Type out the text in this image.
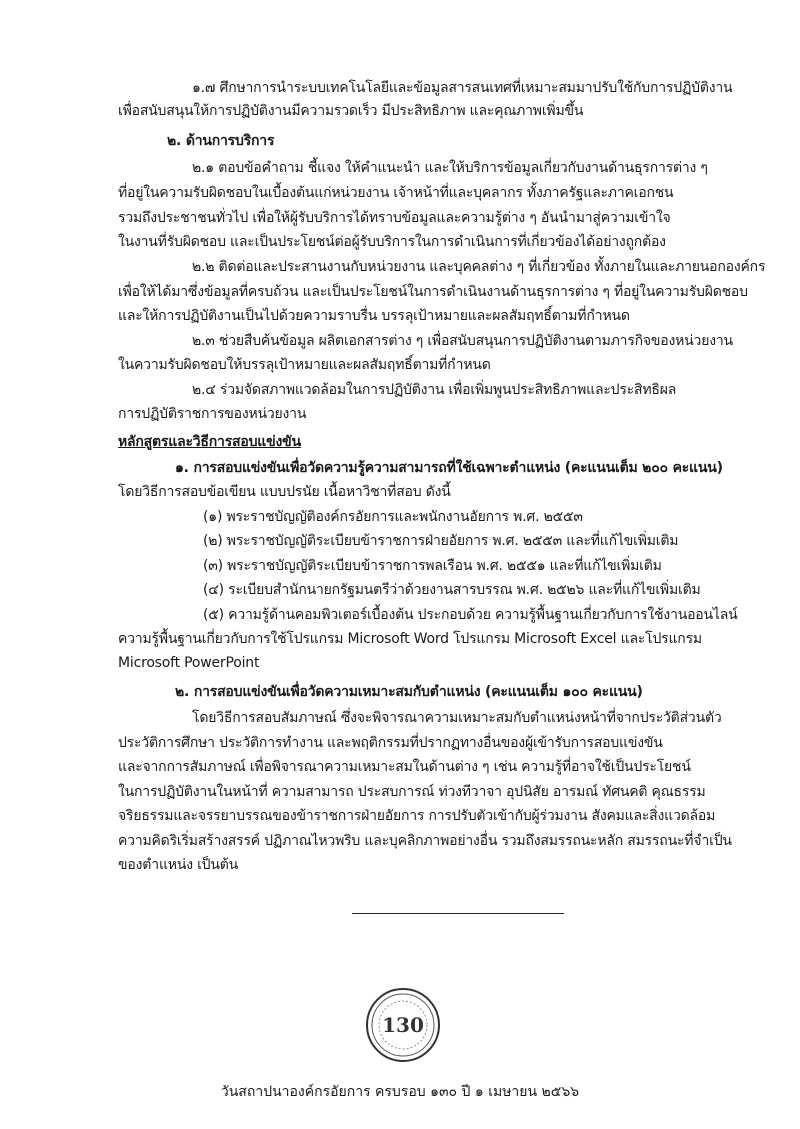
๑.๗ ศึกษาการนำระบบเทคโนโลยีและข้อมูลสารสนเทศที่เหมาะสมมาปรับใช้กับการปฏิบัติงาน
เพื่อสนับสนุนให้การปฏิบัติงานมีความรวดเร็ว มีประสิทธิภาพ และคุณภาพเพิ่มขึ้น
๒. ด้านการบริการ
๒.๑ ตอบข้อคำถาม ชี้แจง ให้คำแนะนำ และให้บริการข้อมูลเกี่ยวกับงานด้านธุรการต่าง ๆ
ที่อยู่ในความรับผิดชอบในเบื้องต้นแก่หน่วยงาน เจ้าหน้าที่และบุคลากร ทั้งภาครัฐและภาคเอกชน
รวมถึงประชาชนทั่วไป เพื่อให้ผู้รับบริการได้ทราบข้อมูลและความรู้ต่าง ๆ อันนำมาสู่ความเข้าใจ
ในงานที่รับผิดชอบ และเป็นประโยชน์ต่อผู้รับบริการในการดำเนินการที่เกี่ยวข้องได้อย่างถูกต้อง
๒.๒ ติดต่อและประสานงานกับหน่วยงาน และบุคคลต่าง ๆ ที่เกี่ยวข้อง ทั้งภายในและภายนอกองค์กร
เพื่อให้ได้มาซึ่งข้อมูลที่ครบถ้วน และเป็นประโยชน์ในการดำเนินงานด้านธุรการต่าง ๆ ที่อยู่ในความรับผิดชอบ
และให้การปฏิบัติงานเป็นไปด้วยความราบรื่น บรรลุเป้าหมายและผลสัมฤทธิ์ตามที่กำหนด
๒.๓ ช่วยสืบค้นข้อมูล ผลิตเอกสารต่าง ๆ เพื่อสนับสนุนการปฏิบัติงานตามภารกิจของหน่วยงาน
ในความรับผิดชอบให้บรรลุเป้าหมายและผลสัมฤทธิ์ตามที่กำหนด
๒.๔ ร่วมจัดสภาพแวดล้อมในการปฏิบัติงาน เพื่อเพิ่มพูนประสิทธิภาพและประสิทธิผล
การปฏิบัติราชการของหน่วยงาน
หลักสูตรและวิธีการสอบแข่งขัน
๑. การสอบแข่งขันเพื่อวัดความรู้ความสามารถที่ใช้เฉพาะตำแหน่ง (คะแนนเต็ม ๒๐๐ คะแนน)
โดยวิธีการสอบข้อเขียน แบบปรนัย เนื้อหาวิชาที่สอบ ดังนี้
(๑) พระราชบัญญัติองค์กรอัยการและพนักงานอัยการ พ.ศ. ๒๕๕๓
(๒) พระราชบัญญัติระเบียบข้าราชการฝ่ายอัยการ พ.ศ. ๒๕๕๓ และที่แก้ไขเพิ่มเติม
(๓) พระราชบัญญัติระเบียบข้าราชการพลเรือน พ.ศ. ๒๕๕๑ และที่แก้ไขเพิ่มเติม
(๔) ระเบียบสำนักนายกรัฐมนตรีว่าด้วยงานสารบรรณ พ.ศ. ๒๕๒๖ และที่แก้ไขเพิ่มเติม
(๕) ความรู้ด้านคอมพิวเตอร์เบื้องต้น ประกอบด้วย ความรู้พื้นฐานเกี่ยวกับการใช้งานออนไลน์
ความรู้พื้นฐานเกี่ยวกับการใช้โปรแกรม Microsoft Word โปรแกรม Microsoft Excel และโปรแกรม
Microsoft PowerPoint
๒. การสอบแข่งขันเพื่อวัดความเหมาะสมกับตำแหน่ง (คะแนนเต็ม ๑๐๐ คะแนน)
โดยวิธีการสอบสัมภาษณ์ ซึ่งจะพิจารณาความเหมาะสมกับตำแหน่งหน้าที่จากประวัติส่วนตัว
ประวัติการศึกษา ประวัติการทำงาน และพฤติกรรมที่ปรากฏทางอื่นของผู้เข้ารับการสอบแข่งขัน
และจากการสัมภาษณ์ เพื่อพิจารณาความเหมาะสมในด้านต่าง ๆ เช่น ความรู้ที่อาจใช้เป็นประโยชน์
ในการปฏิบัติงานในหน้าที่ ความสามารถ ประสบการณ์ ท่วงทีวาจา อุปนิสัย อารมณ์ ทัศนคติ คุณธรรม
จริยธรรมและจรรยาบรรณของข้าราชการฝ่ายอัยการ การปรับตัวเข้ากับผู้ร่วมงาน สังคมและสิ่งแวดล้อม
ความคิดริเริ่มสร้างสรรค์ ปฏิภาณไหวพริบ และบุคลิกภาพอย่างอื่น รวมถึงสมรรถนะหลัก สมรรถนะที่จำเป็น
ของตำแหน่ง เป็นต้น
130
วันสถาปนาองค์กรอัยการ ครบรอบ ๑๓๐ ปี ๑ เมษายน ๒๕๖๖
